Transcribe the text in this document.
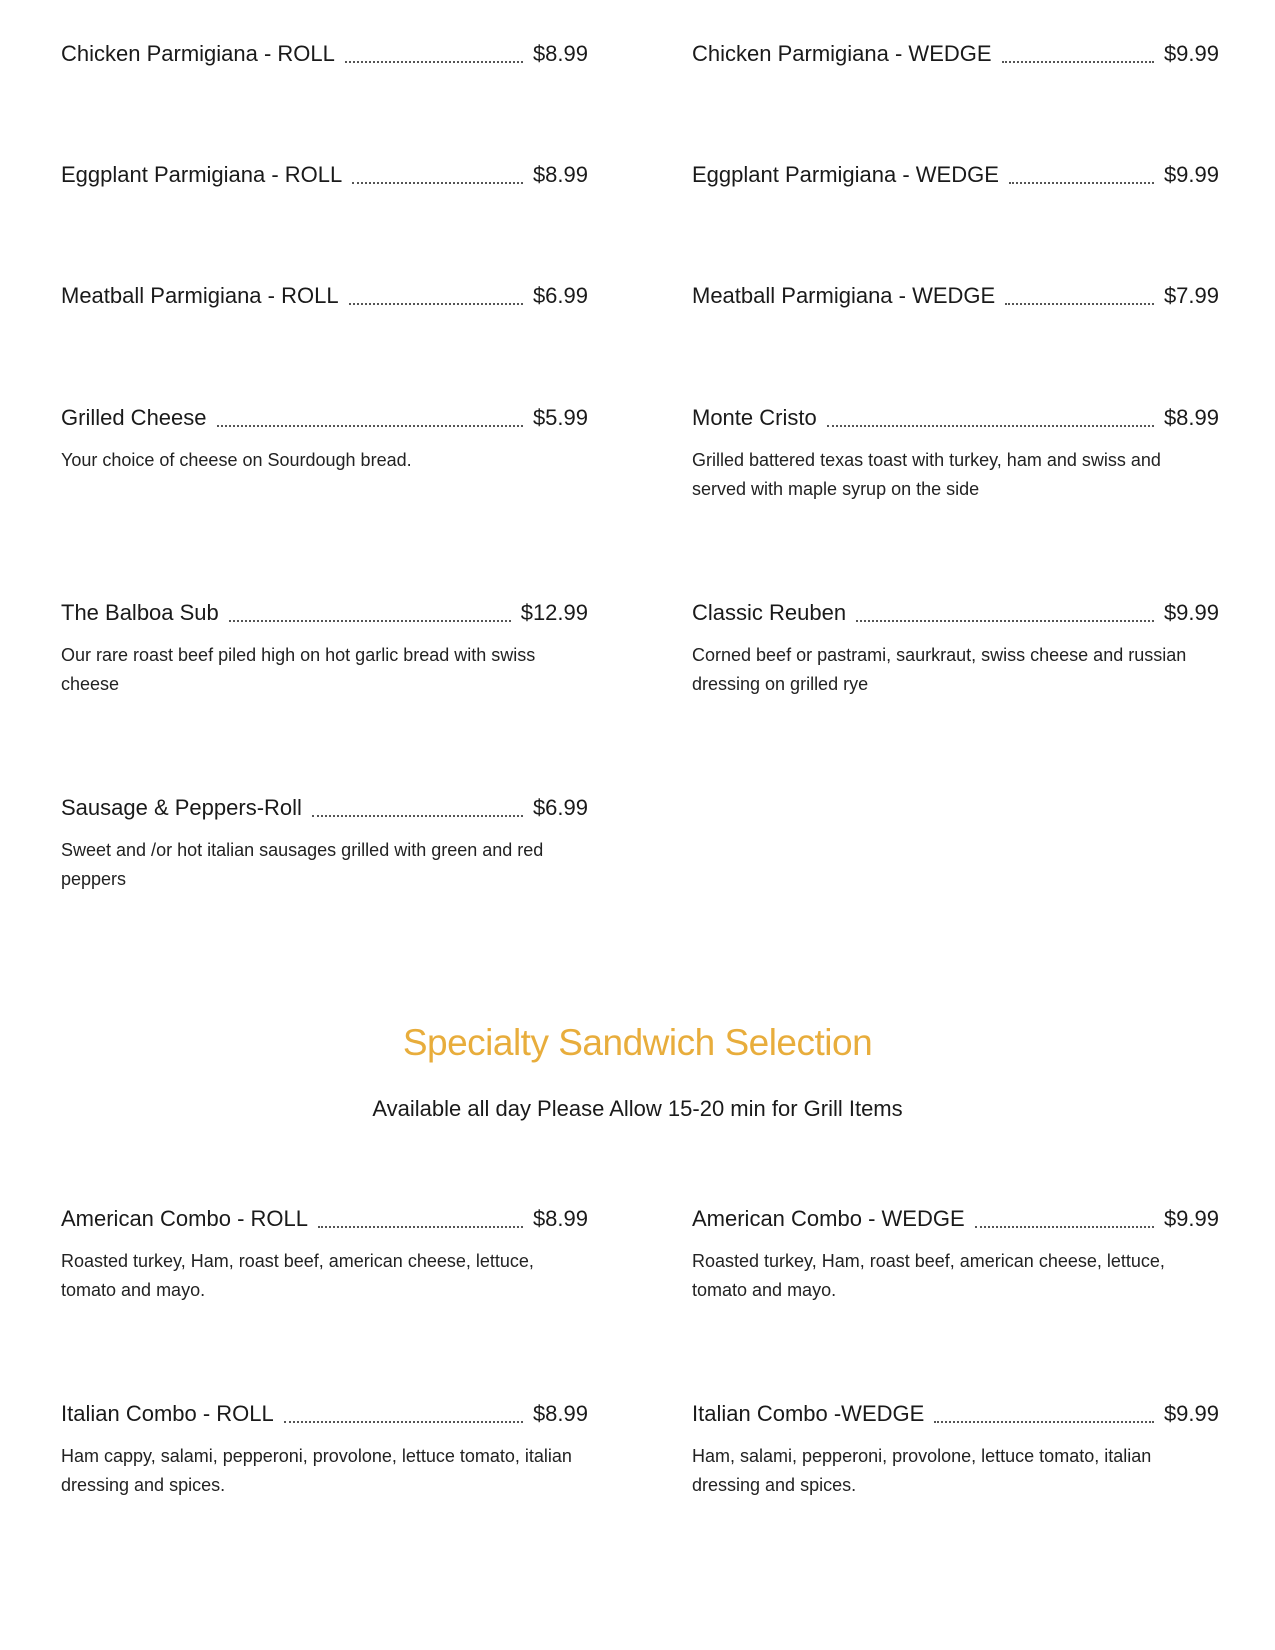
Chicken Parmigiana - ROLL	$8.99
Eggplant Parmigiana - ROLL	$8.99
Meatball Parmigiana - ROLL	$6.99
Grilled Cheese	$5.99
Your choice of cheese on Sourdough bread.
The Balboa Sub	$12.99
Our rare roast beef piled high on hot garlic bread with swiss cheese
Sausage & Peppers-Roll	$6.99
Sweet and /or hot italian sausages grilled with green and red peppers
Chicken Parmigiana - WEDGE	$9.99
Eggplant Parmigiana - WEDGE	$9.99
Meatball Parmigiana - WEDGE	$7.99
Monte Cristo	$8.99
Grilled battered texas toast with turkey, ham and swiss and served with maple syrup on the side
Classic Reuben	$9.99
Corned beef or pastrami, saurkraut, swiss cheese and russian dressing on grilled rye
Specialty Sandwich Selection
Available all day Please Allow 15-20 min for Grill Items
American Combo - ROLL	$8.99
Roasted turkey, Ham, roast beef, american cheese, lettuce, tomato and mayo.
Italian Combo - ROLL	$8.99
Ham cappy, salami, pepperoni, provolone, lettuce tomato, italian dressing and spices.
American Combo - WEDGE	$9.99
Roasted turkey, Ham, roast beef, american cheese, lettuce, tomato and mayo.
Italian Combo -WEDGE	$9.99
Ham, salami, pepperoni, provolone, lettuce tomato, italian dressing and spices.
